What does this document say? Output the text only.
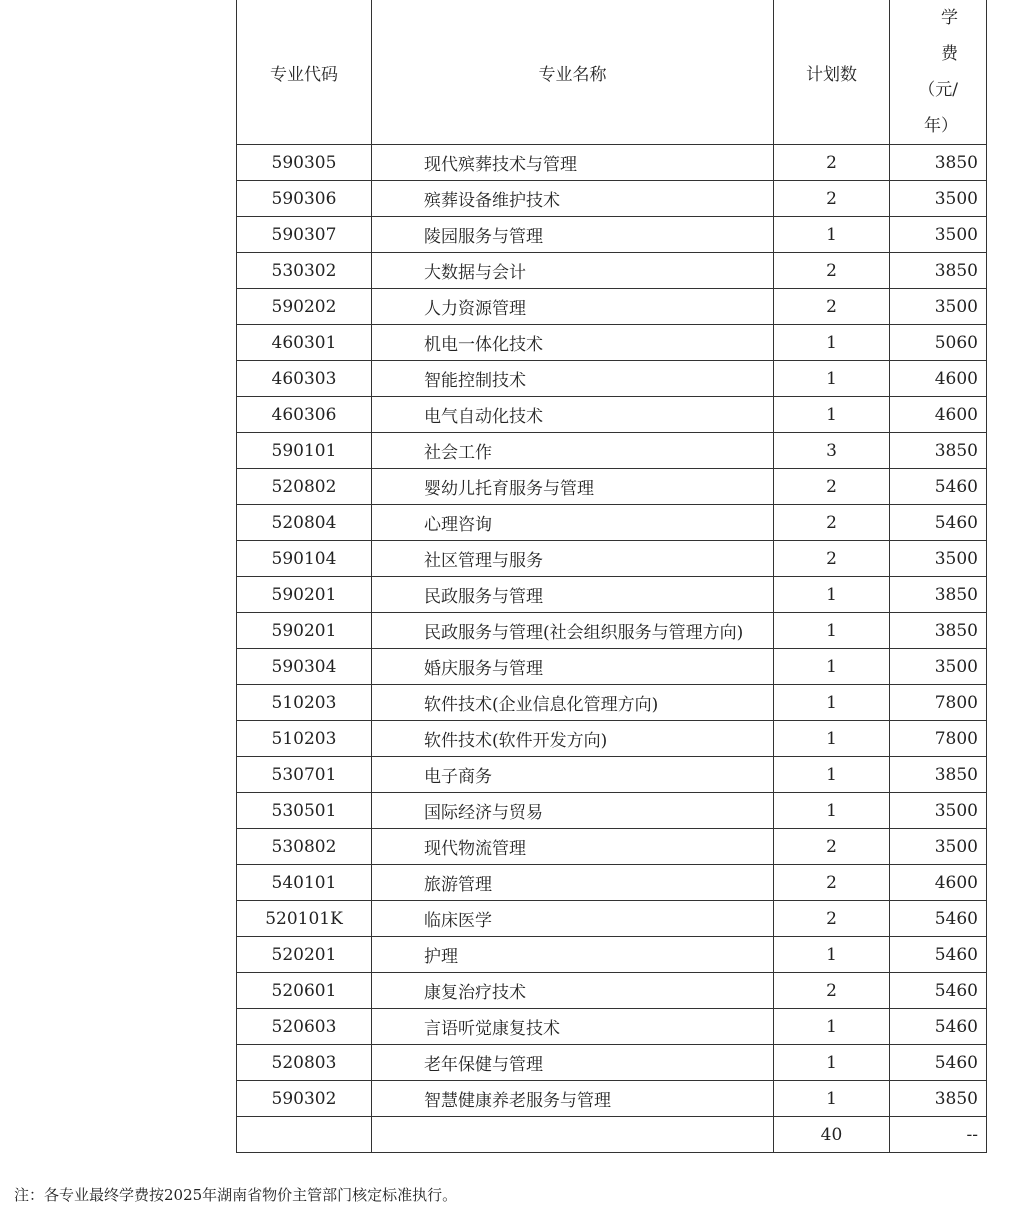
专业代码	专业名称	计划数	学
费
（元/
年）

590305	现代殡葬技术与管理	2	3850
590306	殡葬设备维护技术	2	3500
590307	陵园服务与管理	1	3500
530302	大数据与会计	2	3850
590202	人力资源管理	2	3500
460301	机电一体化技术	1	5060
460303	智能控制技术	1	4600
460306	电气自动化技术	1	4600
590101	社会工作	3	3850
520802	婴幼儿托育服务与管理	2	5460
520804	心理咨询	2	5460
590104	社区管理与服务	2	3500
590201	民政服务与管理	1	3850
590201	民政服务与管理(社会组织服务与管理方向)	1	3850
590304	婚庆服务与管理	1	3500
510203	软件技术(企业信息化管理方向)	1	7800
510203	软件技术(软件开发方向)	1	7800
530701	电子商务	1	3850
530501	国际经济与贸易	1	3500
530802	现代物流管理	2	3500
540101	旅游管理	2	4600
520101K	临床医学	2	5460
520201	护理	1	5460
520601	康复治疗技术	2	5460
520603	言语听觉康复技术	1	5460
520803	老年保健与管理	1	5460
590302	智慧健康养老服务与管理	1	3850
		40	--
注：各专业最终学费按2025年湖南省物价主管部门核定标准执行。
